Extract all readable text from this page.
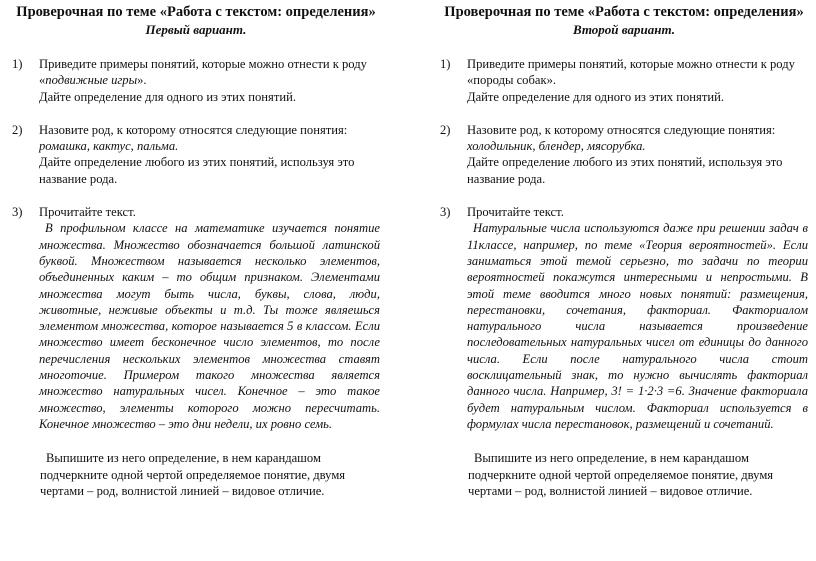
Проверочная по теме «Работа с текстом: определения»
Первый вариант.
1)	Приведите примеры понятий, которые можно отнести к роду
«подвижные игры».
Дайте определение для одного из этих понятий.
2)	Назовите род, к которому относятся следующие понятия:
ромашка, кактус, пальма.
Дайте определение любого из этих понятий, используя это название рода.
3)	Прочитайте текст.
В профильном классе на математике изучается понятие множества. Множество обозначается большой латинской буквой. Множеством называется несколько элементов, объединенных каким – то общим признаком. Элементами множества могут быть числа, буквы, слова, люди, животные, неживые объекты и т.д. Ты тоже являешься элементом множества, которое называется 5 в классом. Если множество имеет бесконечное число элементов, то после перечисления нескольких элементов множества ставят многоточие. Примером такого множества является множество натуральных чисел. Конечное – это такое множество, элементы которого можно пересчитать. Конечное множество – это дни недели, их ровно семь.
Выпишите из него определение, в нем карандашом подчеркните одной чертой определяемое понятие, двумя чертами – род, волнистой линией – видовое отличие.
Проверочная по теме «Работа с текстом: определения»
Второй вариант.
1)	Приведите примеры понятий, которые можно отнести к роду
«породы собак».
Дайте определение для одного из этих понятий.
2)	Назовите род, к которому относятся следующие понятия:
холодильник, блендер, мясорубка.
Дайте определение любого из этих понятий, используя это название рода.
3)	Прочитайте текст.
Натуральные числа используются даже при решении задач в 11классе, например, по теме «Теория вероятностей». Если заниматься этой темой серьезно, то задачи по теории вероятностей покажутся интересными и непростыми. В этой теме вводится много новых понятий: размещения, перестановки, сочетания, факториал. Факториалом натурального числа называется произведение последовательных натуральных чисел от единицы до данного числа. Если после натурального числа стоит восклицательный знак, то нужно вычислять факториал данного числа. Например, 3! = 1·2·3 =6. Значение факториала будет натуральным числом. Факториал используется в формулах числа перестановок, размещений и сочетаний.
Выпишите из него определение, в нем карандашом подчеркните одной чертой определяемое понятие, двумя чертами – род, волнистой линией – видовое отличие.
